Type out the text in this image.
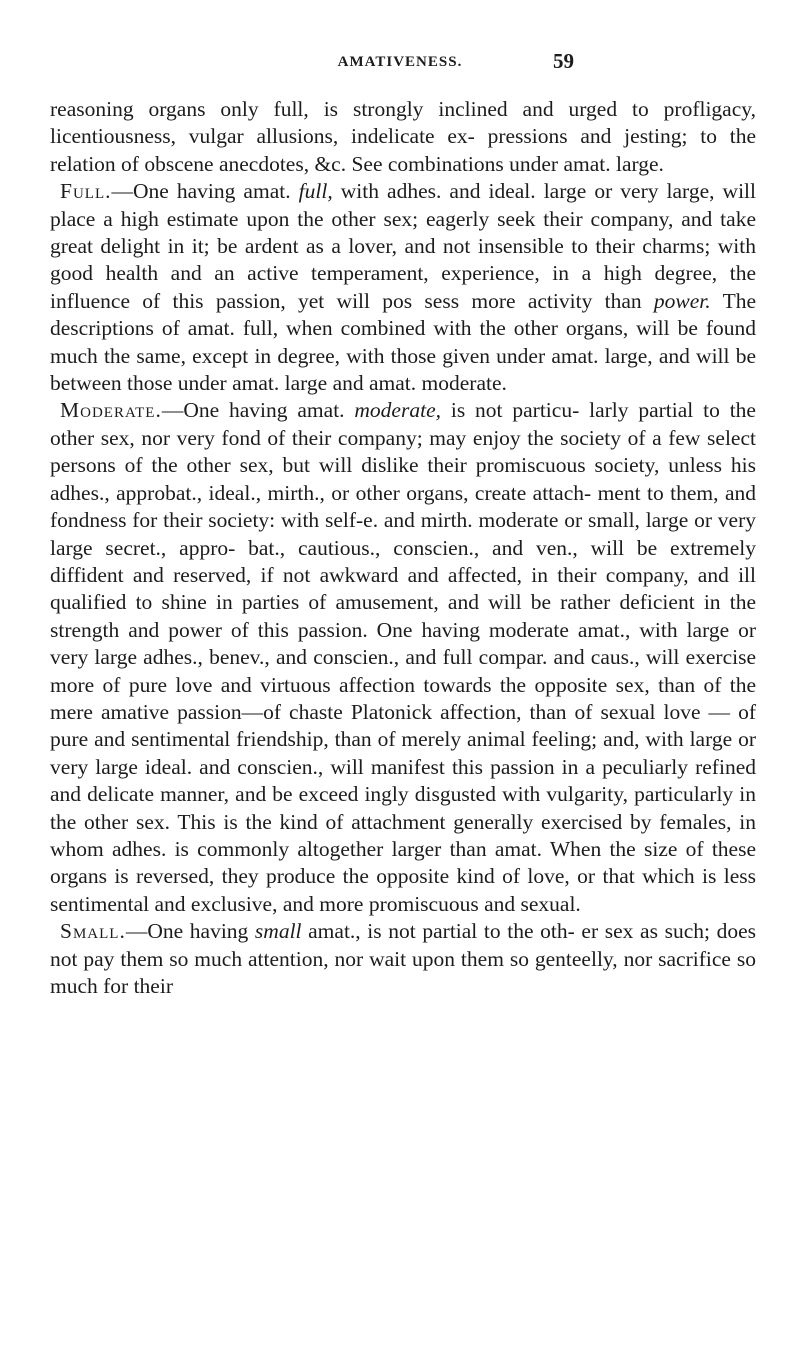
AMATIVENESS.	59

reasoning organs only full, is strongly inclined and urged to profligacy, licentiousness, vulgar allusions, indelicate ex- pressions and jesting; to the relation of obscene anecdotes, &c. See combinations under amat. large.

Full.—One having amat. full, with adhes. and ideal. large or very large, will place a high estimate upon the other sex; eagerly seek their company, and take great delight in it; be ardent as a lover, and not insensible to their charms; with good health and an active temperament, experience, in a high degree, the influence of this passion, yet will pos sess more activity than power. The descriptions of amat. full, when combined with the other organs, will be found much the same, except in degree, with those given under amat. large, and will be between those under amat. large and amat. moderate.

Moderate.—One having amat. moderate, is not particu- larly partial to the other sex, nor very fond of their company; may enjoy the society of a few select persons of the other sex, but will dislike their promiscuous society, unless his adhes., approbat., ideal., mirth., or other organs, create attach- ment to them, and fondness for their society: with self-e. and mirth. moderate or small, large or very large secret., appro- bat., cautious., conscien., and ven., will be extremely diffident and reserved, if not awkward and affected, in their company, and ill qualified to shine in parties of amusement, and will be rather deficient in the strength and power of this passion. One having moderate amat., with large or very large adhes., benev., and conscien., and full compar. and caus., will exercise more of pure love and virtuous affection towards the opposite sex, than of the mere amative passion—of chaste Platonick affection, than of sexual love — of pure and sentimental friendship, than of merely animal feeling; and, with large or very large ideal. and conscien., will manifest this passion in a peculiarly refined and delicate manner, and be exceed ingly disgusted with vulgarity, particularly in the other sex. This is the kind of attachment generally exercised by females, in whom adhes. is commonly altogether larger than amat. When the size of these organs is reversed, they produce the opposite kind of love, or that which is less sentimental and exclusive, and more promiscuous and sexual.

Small.—One having small amat., is not partial to the oth- er sex as such; does not pay them so much attention, nor wait upon them so genteelly, nor sacrifice so much for their
